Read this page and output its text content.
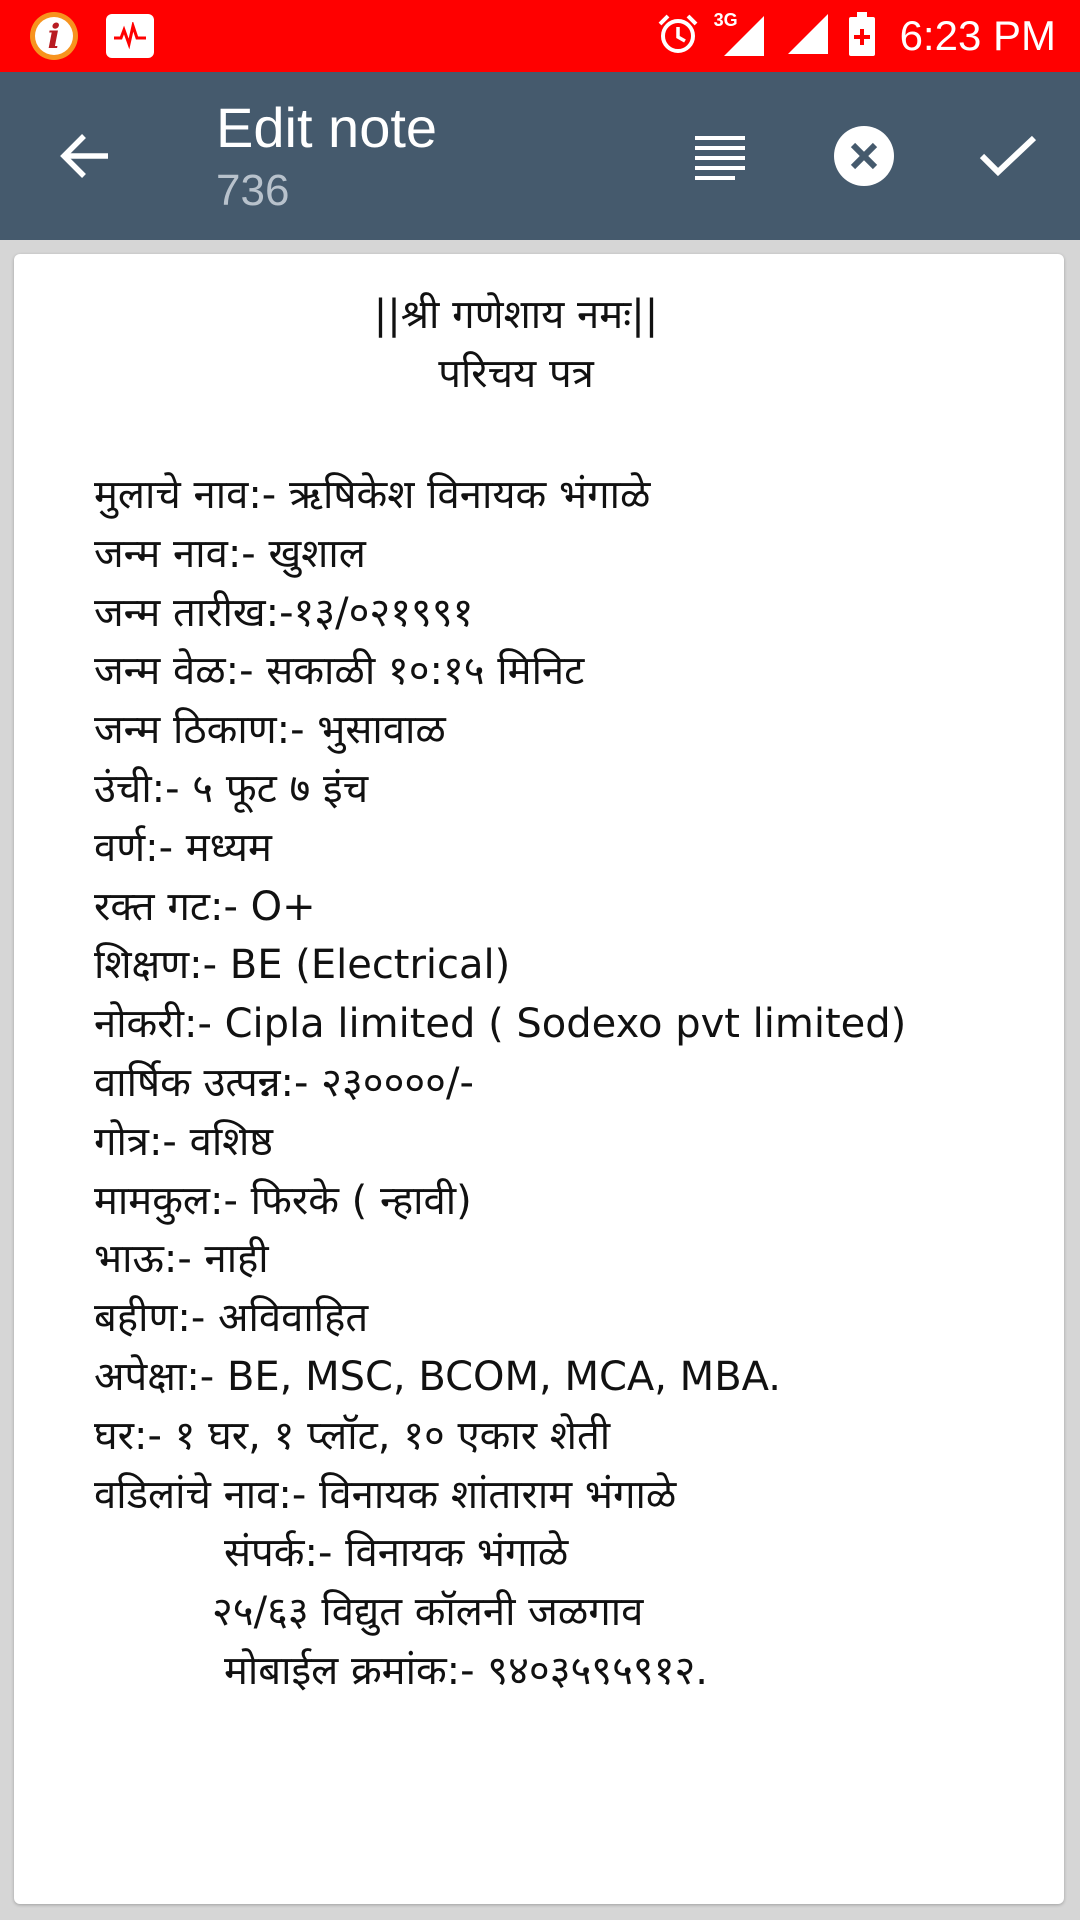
i	3G	6:23 PM
Edit note
736
||श्री गणेशाय नमः||
परिचय पत्र
मुलाचे नाव:- ऋषिकेश विनायक भंगाळे
जन्म नाव:- खुशाल
जन्म तारीख:-१३/०२१९९१
जन्म वेळ:- सकाळी १०:१५ मिनिट
जन्म ठिकाण:- भुसावाळ
उंची:- ५ फूट ७ इंच
वर्ण:- मध्यम
रक्त गट:- O+
शिक्षण:- BE (Electrical)
नोकरी:- Cipla limited ( Sodexo pvt limited)
वार्षिक उत्पन्न:- २३००००/-
गोत्र:- वशिष्ठ
मामकुल:- फिरके ( न्हावी)
भाऊ:- नाही
बहीण:- अविवाहित
अपेक्षा:- BE, MSC, BCOM, MCA, MBA.
घर:- १ घर, १ प्लॉट, १० एकार शेती
वडिलांचे नाव:- विनायक शांताराम भंगाळे
संपर्क:- विनायक भंगाळे
२५/६३ विद्युत कॉलनी जळगाव
मोबाईल क्रमांक:- ९४०३५९५९१२.
